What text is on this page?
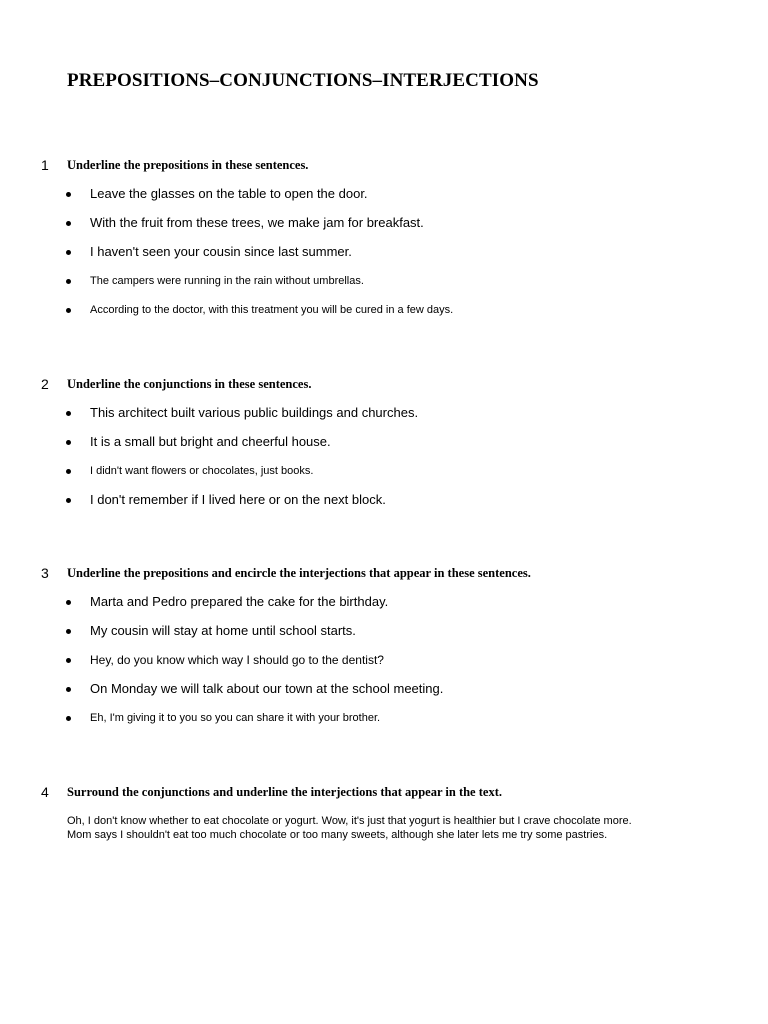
PREPOSITIONS–CONJUNCTIONS–INTERJECTIONS
1 Underline the prepositions in these sentences.
Leave the glasses on the table to open the door.
With the fruit from these trees, we make jam for breakfast.
I haven't seen your cousin since last summer.
The campers were running in the rain without umbrellas.
According to the doctor, with this treatment you will be cured in a few days.
2 Underline the conjunctions in these sentences.
This architect built various public buildings and churches.
It is a small but bright and cheerful house.
I didn't want flowers or chocolates, just books.
I don't remember if I lived here or on the next block.
3 Underline the prepositions and encircle the interjections that appear in these sentences.
Marta and Pedro prepared the cake for the birthday.
My cousin will stay at home until school starts.
Hey, do you know which way I should go to the dentist?
On Monday we will talk about our town at the school meeting.
Eh, I'm giving it to you so you can share it with your brother.
4 Surround the conjunctions and underline the interjections that appear in the text.
Oh, I don't know whether to eat chocolate or yogurt. Wow, it's just that yogurt is healthier but I crave chocolate more.
Mom says I shouldn't eat too much chocolate or too many sweets, although she later lets me try some pastries.
